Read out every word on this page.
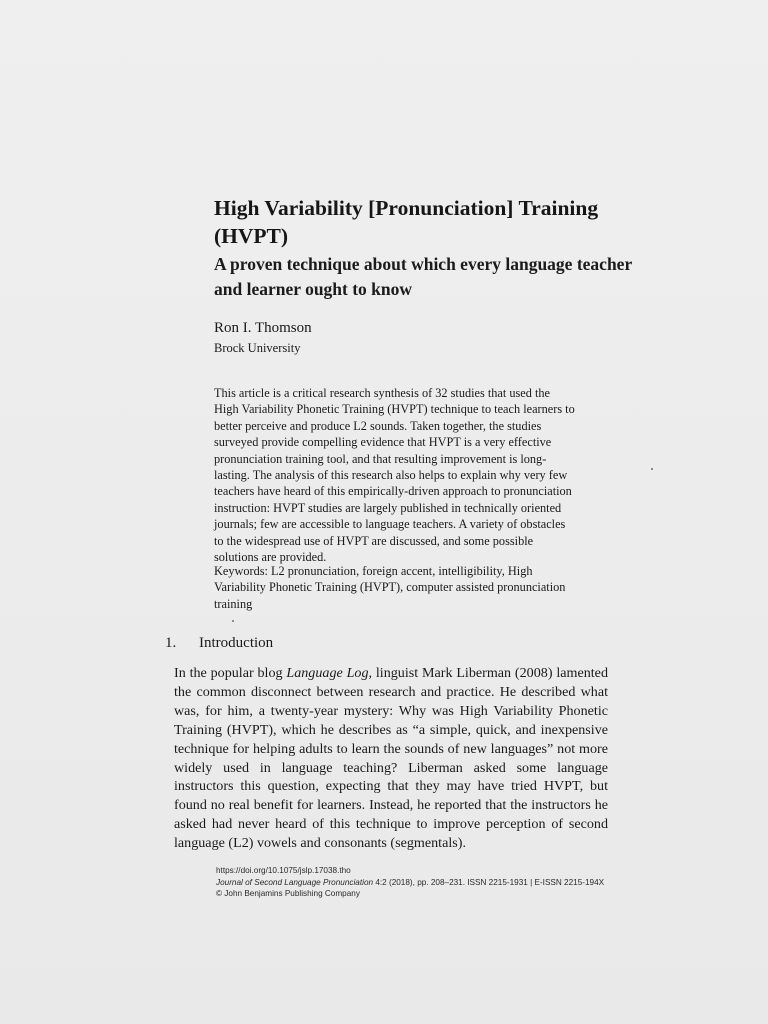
High Variability [Pronunciation] Training (HVPT)
A proven technique about which every language teacher and learner ought to know

Ron I. Thomson

Brock University

This article is a critical research synthesis of 32 studies that used the High Variability Phonetic Training (HVPT) technique to teach learners to better perceive and produce L2 sounds. Taken together, the studies surveyed provide compelling evidence that HVPT is a very effective pronunciation training tool, and that resulting improvement is long-lasting. The analysis of this research also helps to explain why very few teachers have heard of this empirically-driven approach to pronunciation instruction: HVPT studies are largely published in technically oriented journals; few are accessible to language teachers. A variety of obstacles to the widespread use of HVPT are discussed, and some possible solutions are provided.

Keywords: L2 pronunciation, foreign accent, intelligibility, High Variability Phonetic Training (HVPT), computer assisted pronunciation training

1. Introduction

In the popular blog Language Log, linguist Mark Liberman (2008) lamented the common disconnect between research and practice. He described what was, for him, a twenty-year mystery: Why was High Variability Phonetic Training (HVPT), which he describes as “a simple, quick, and inexpensive technique for helping adults to learn the sounds of new languages” not more widely used in language teaching? Liberman asked some language instructors this question, expecting that they may have tried HVPT, but found no real benefit for learners. Instead, he reported that the instructors he asked had never heard of this technique to improve perception of second language (L2) vowels and consonants (segmentals).

https://doi.org/10.1075/jslp.17038.tho
Journal of Second Language Pronunciation 4:2 (2018), pp. 208–231. ISSN 2215-1931 | E-ISSN 2215-194X
© John Benjamins Publishing Company
